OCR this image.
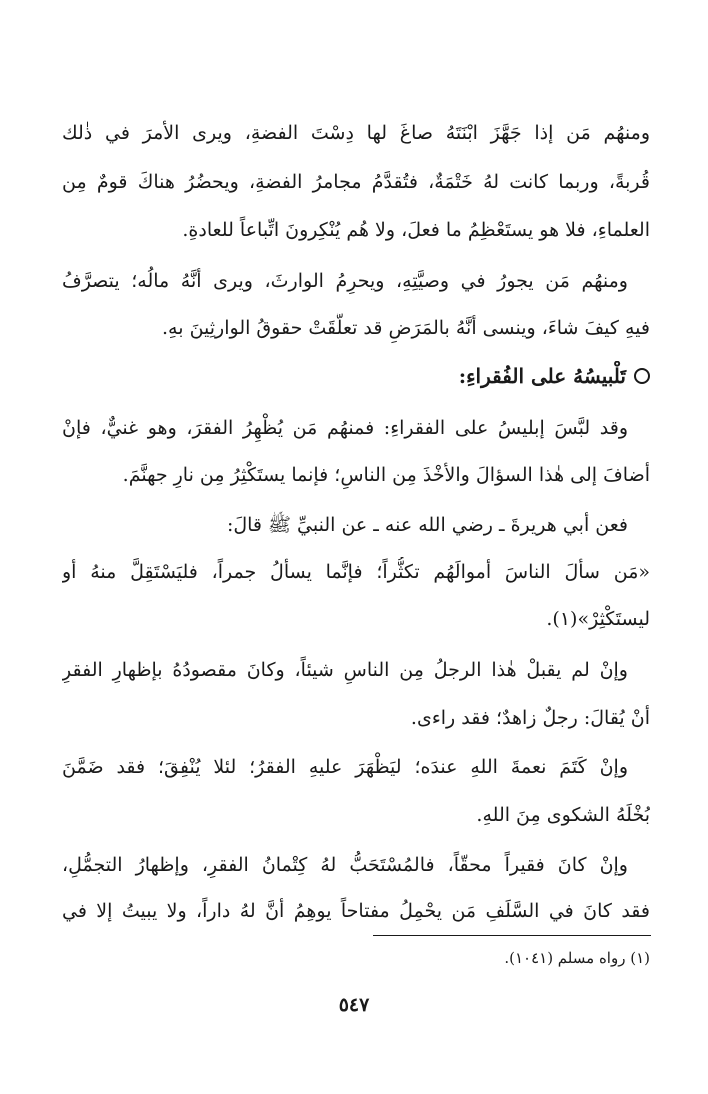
ومنهُم مَن إذا جَهَّزَ ابْنَتَهُ صاغَ لها دِسْتَ الفضةِ، ويرى الأمرَ في ذٰلك
قُربةً، وربما كانت لهُ خَتْمَةٌ، فتُقدَّمُ مجامرُ الفضةِ، ويحضُرُ هناكَ قومٌ مِن
العلماءِ، فلا هو يستَعْظِمُ ما فعلَ، ولا هُم يُنْكِرونَ اتِّباعاً للعادةِ.
ومنهُم مَن يجورُ في وصيَّتِهِ، ويحرِمُ الوارثَ، ويرى أنَّهُ مالُه؛ يتصرَّفُ
فيهِ كيفَ شاءَ، وينسى أنَّهُ بالمَرَضِ قد تعلَّقَتْ حقوقُ الوارثِينَ بهِ.
تَلْبيسُهُ على الفُقراءِ:
وقد لبَّسَ إبليسُ على الفقراءِ: فمنهُم مَن يُظْهِرُ الفقرَ، وهو غنيٌّ، فإنْ
أضافَ إلى هٰذا السؤالَ والأخْذَ مِن الناسِ؛ فإنما يستَكْثِرُ مِن نارِ جهنَّمَ.
فعن أبي هريرةَ ـ رضي الله عنه ـ عن النبيِّ ﷺ قالَ:
«مَن سألَ الناسَ أموالَهُم تكثُّراً؛ فإنَّما يسألُ جمراً، فليَسْتَقِلَّ منهُ أو
ليستَكْثِرْ»(١).
وإنْ لم يقبلْ هٰذا الرجلُ مِن الناسِ شيئاً، وكانَ مقصودُهُ بإظهارِ الفقرِ
أنْ يُقالَ: رجلٌ زاهدٌ؛ فقد راءى.
وإنْ كَتَمَ نعمةَ اللهِ عندَه؛ ليَظْهَرَ عليهِ الفقرُ؛ لئلا يُنْفِقَ؛ فقد ضَمَّنَ
بُخْلَهُ الشكوى مِنَ اللهِ.
وإنْ كانَ فقيراً محقّاً، فالمُسْتَحَبُّ لهُ كِتْمانُ الفقرِ، وإظهارُ التجمُّلِ،
فقد كانَ في السَّلَفِ مَن يحْمِلُ مفتاحاً يوهِمُ أنَّ لهُ داراً، ولا يبيتُ إلا في
(١) رواه مسلم (١٠٤١).
٥٤٧
